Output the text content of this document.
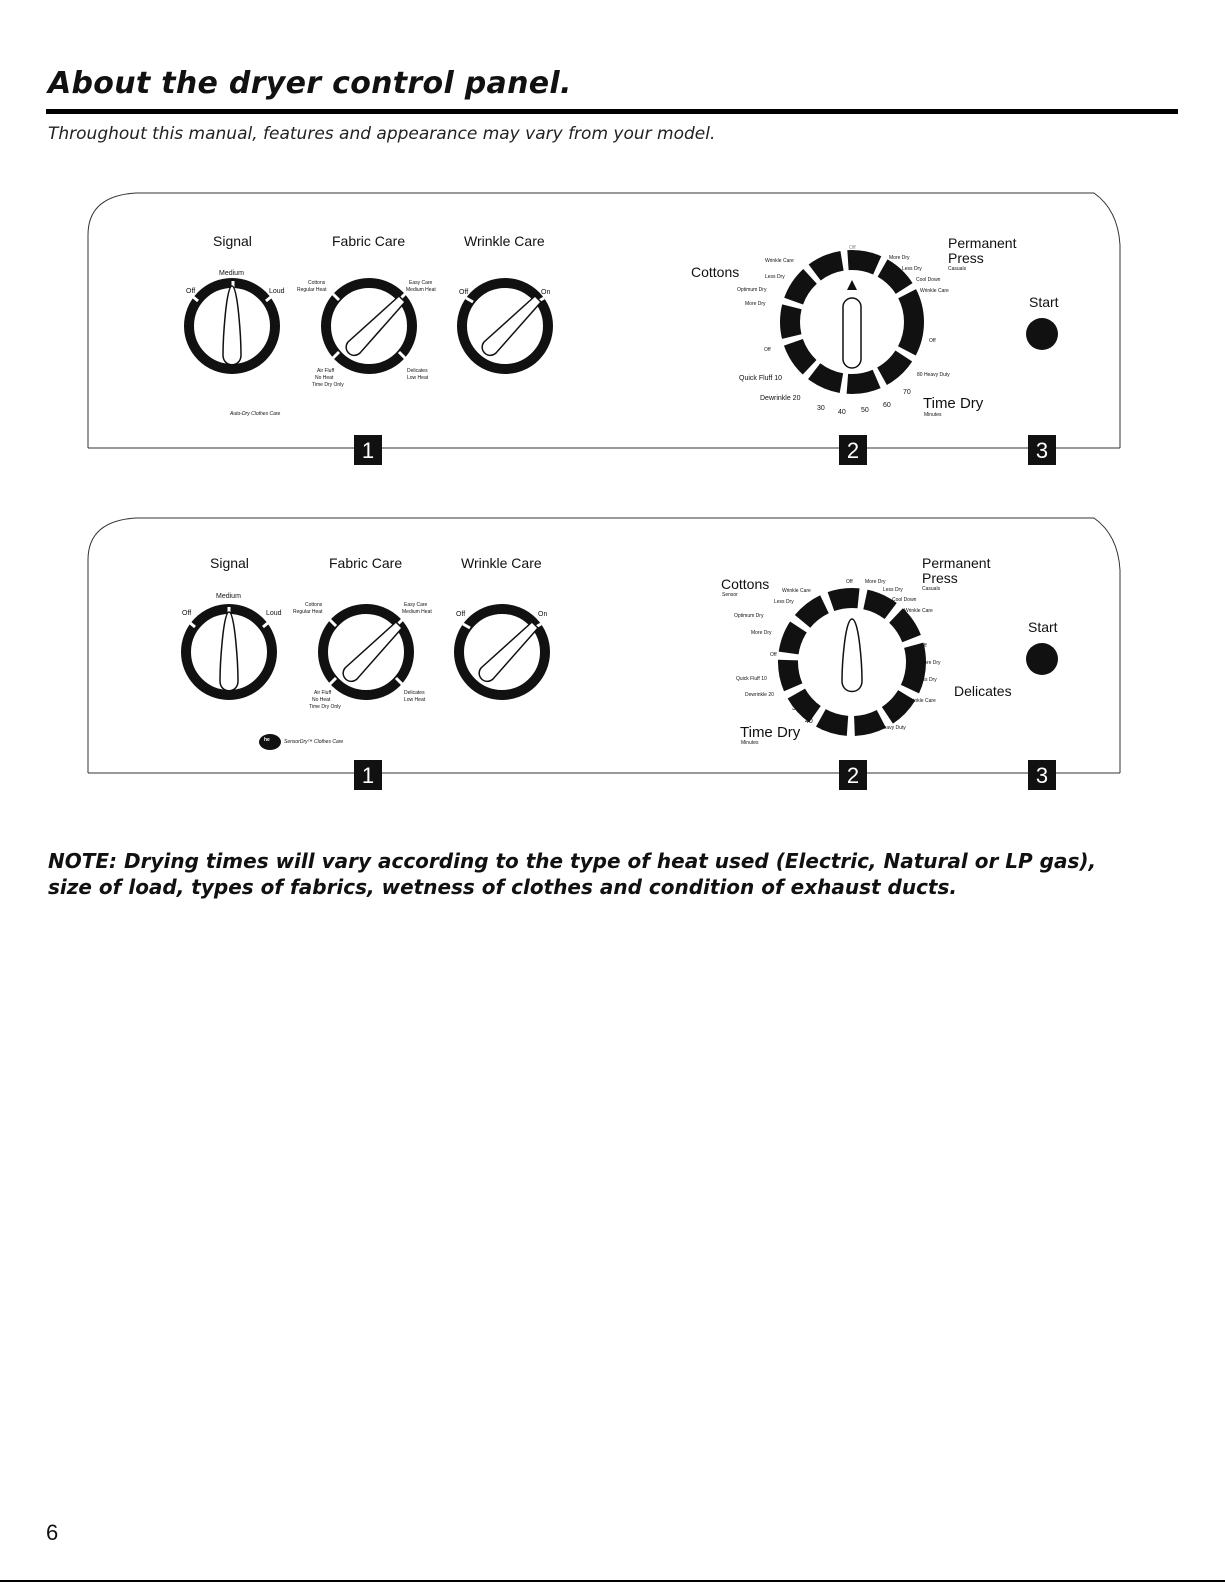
About the dryer control panel.
Throughout this manual, features and appearance may vary from your model.
Signal	Fabric Care	Wrinkle Care
Off
Medium
Loud
Cottons
Regular Heat
Easy Care
Medium Heat
Air Fluff
No Heat
Time Dry Only
Delicates
Low Heat
Off	On
Auto-Dry Clothes Care
Cottons
Off
Wrinkle Care
Less Dry
Optimum Dry
More Dry
Off
Quick Fluff 10
Dewrinkle 20
30
40 50
60
70
80 Heavy Duty
Time Dry
Minutes
Permanent
Press
More Dry
Less Dry	Casuals
Cool Down
Wrinkle Care
Off
Start
1	2	3
Signal	Fabric Care	Wrinkle Care
Off
Medium
Loud
Cottons
Regular Heat
Easy Care
Medium Heat
Air Fluff
No Heat
Time Dry Only
Delicates
Low Heat
Off	On
he	SensorDry™ Clothes Care
Cottons
Sensor
Wrinkle Care
Less Dry
Optimum Dry
More Dry
Off
Quick Fluff 10
Dewrinkle 20
30
40
50 60 70 80 Heavy Duty
Time Dry
Minutes
Off
Permanent
Press
More Dry
Less Dry	Casuals
Cool Down
Wrinkle Care
Off
More Dry
Less Dry
Delicates
Wrinkle Care
Start
1	2	3
NOTE: Drying times will vary according to the type of heat used (Electric, Natural or LP gas),
size of load, types of fabrics, wetness of clothes and condition of exhaust ducts.
6
